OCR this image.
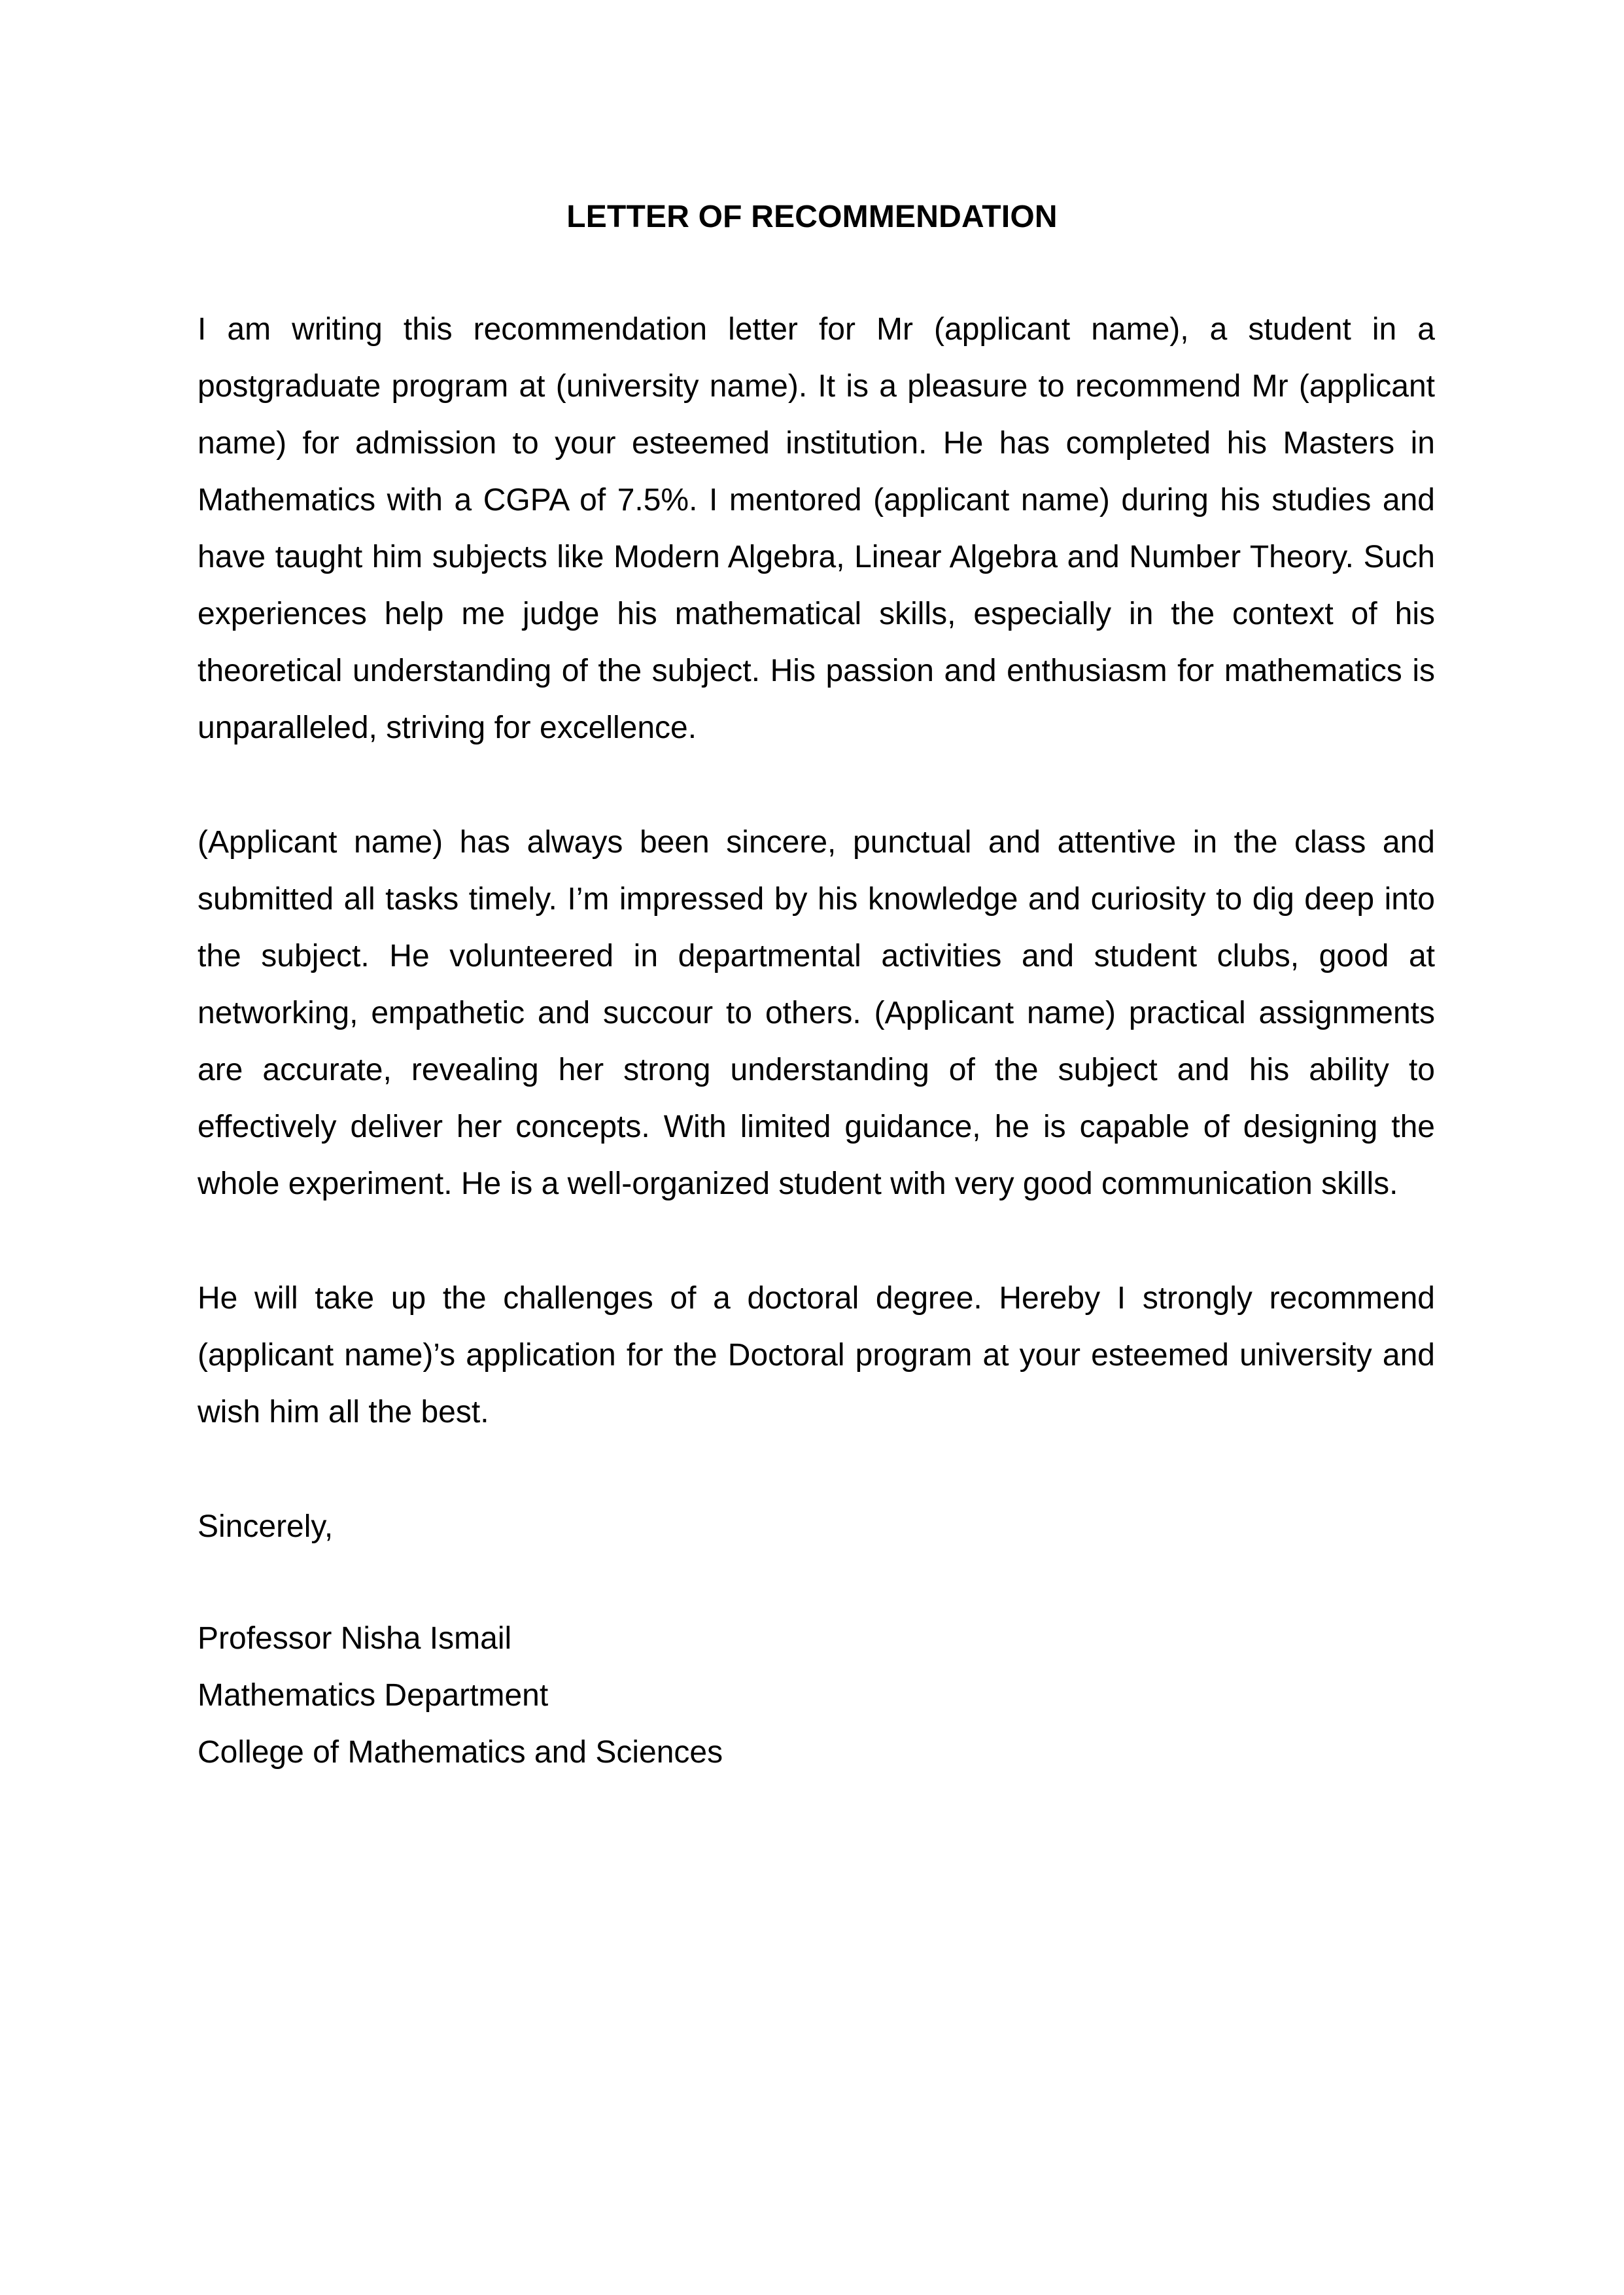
LETTER OF RECOMMENDATION

I am writing this recommendation letter for Mr (applicant name), a student in a postgraduate program at (university name). It is a pleasure to recommend Mr (applicant name) for admission to your esteemed institution. He has completed his Masters in Mathematics with a CGPA of 7.5%. I mentored (applicant name) during his studies and have taught him subjects like Modern Algebra, Linear Algebra and Number Theory. Such experiences help me judge his mathematical skills, especially in the context of his theoretical understanding of the subject. His passion and enthusiasm for mathematics is unparalleled, striving for excellence.

(Applicant name) has always been sincere, punctual and attentive in the class and submitted all tasks timely. I’m impressed by his knowledge and curiosity to dig deep into the subject. He volunteered in departmental activities and student clubs, good at networking, empathetic and succour to others. (Applicant name) practical assignments are accurate, revealing her strong understanding of the subject and his ability to effectively deliver her concepts. With limited guidance, he is capable of designing the whole experiment. He is a well-organized student with very good communication skills.

He will take up the challenges of a doctoral degree. Hereby I strongly recommend (applicant name)’s application for the Doctoral program at your esteemed university and wish him all the best.

Sincerely,

Professor Nisha Ismail

Mathematics Department

College of Mathematics and Sciences
